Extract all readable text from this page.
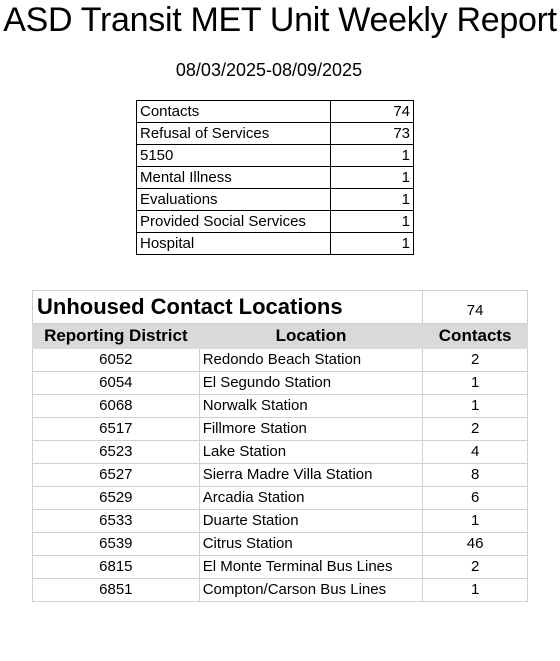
ASD Transit MET Unit Weekly Report
08/03/2025-08/09/2025
Contacts	74
Refusal of Services	73
5150	1
Mental Illness	1
Evaluations	1
Provided Social Services	1
Hospital	1
Unhoused Contact Locations		74
Reporting District	Location	Contacts
6052	Redondo Beach Station	2
6054	El Segundo Station	1
6068	Norwalk Station	1
6517	Fillmore Station	2
6523	Lake Station	4
6527	Sierra Madre Villa Station	8
6529	Arcadia Station	6
6533	Duarte Station	1
6539	Citrus Station	46
6815	El Monte Terminal Bus Lines	2
6851	Compton/Carson Bus Lines	1
